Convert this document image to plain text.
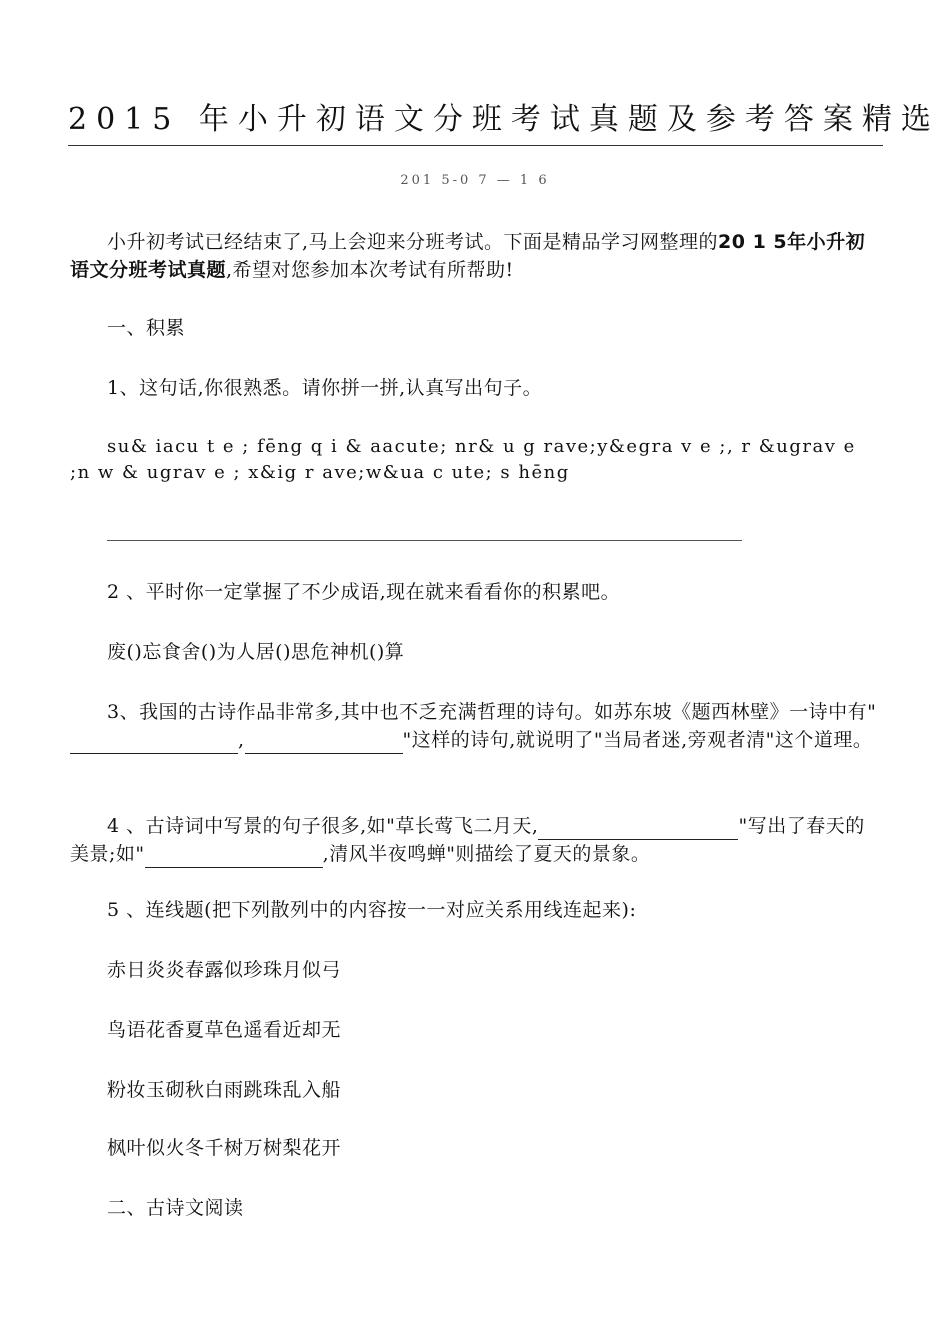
2015 年小升初语文分班考试真题及参考答案精选
201 5-0 7 — 1 6
小升初考试已经结束了,马上会迎来分班考试。下面是精品学习网整理的20 1 5年小升初语文分班考试真题,希望对您参加本次考试有所帮助!
一、积累
1、这句话,你很熟悉。请你拼一拼,认真写出句子。
su& iacu t e ; fēng q i & aacute; nr& u g rave;y&egra v e ;, r &ugrav e ;n w & ugrav e ; x&ig r ave;w&ua c ute; s hēng
2 、平时你一定掌握了不少成语,现在就来看看你的积累吧。
废()忘食舍()为人居()思危神机()算
3、我国的古诗作品非常多,其中也不乏充满哲理的诗句。如苏东坡《题西林壁》一诗中有",	"这样的诗句,就说明了"当局者迷,旁观者清"这个道理。
4 、古诗词中写景的句子很多,如"草长莺飞二月天,	"写出了春天的美景;如"	,清风半夜鸣蝉"则描绘了夏天的景象。
5 、连线题(把下列散列中的内容按一一对应关系用线连起来):
赤日炎炎春露似珍珠月似弓
鸟语花香夏草色遥看近却无
粉妆玉砌秋白雨跳珠乱入船
枫叶似火冬千树万树梨花开
二、古诗文阅读
